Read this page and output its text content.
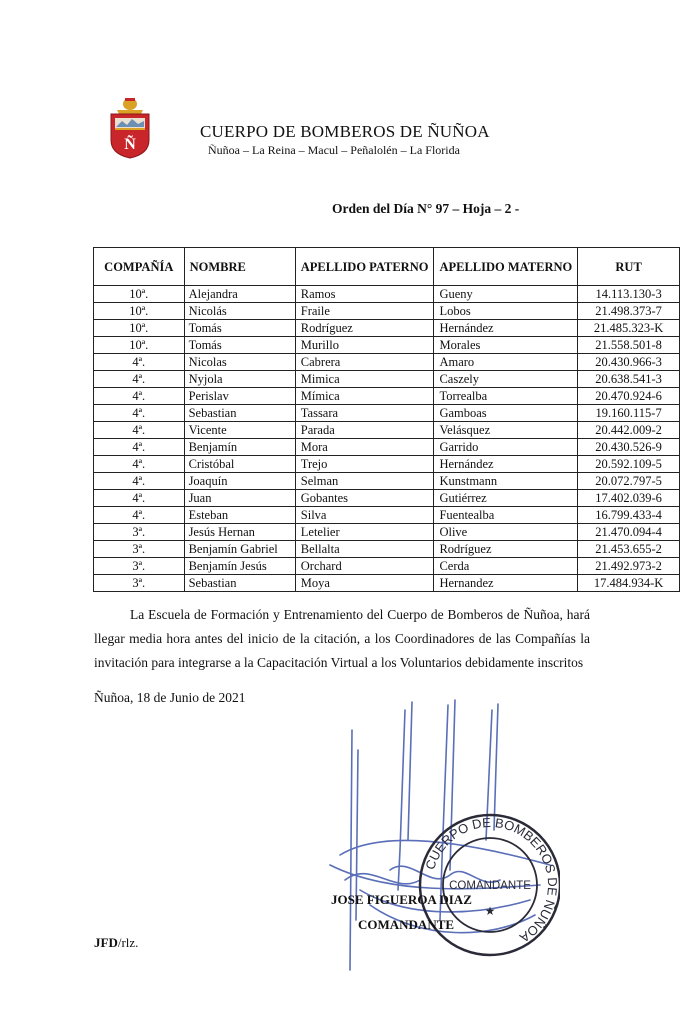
Ñ
CUERPO DE BOMBEROS DE ÑUÑOA
Ñuñoa – La Reina – Macul – Peñalolén – La Florida
Orden del Día N° 97 – Hoja – 2 -
COMPAÑÍA	NOMBRE	APELLIDO PATERNO	APELLIDO MATERNO	RUT
10ª.	Alejandra	Ramos	Gueny	14.113.130-3
10ª.	Nicolás	Fraile	Lobos	21.498.373-7
10ª.	Tomás	Rodríguez	Hernández	21.485.323-K
10ª.	Tomás	Murillo	Morales	21.558.501-8
4ª.	Nicolas	Cabrera	Amaro	20.430.966-3
4ª.	Nyjola	Mimica	Caszely	20.638.541-3
4ª.	Perislav	Mímica	Torrealba	20.470.924-6
4ª.	Sebastian	Tassara	Gamboas	19.160.115-7
4ª.	Vicente	Parada	Velásquez	20.442.009-2
4ª.	Benjamín	Mora	Garrido	20.430.526-9
4ª.	Cristóbal	Trejo	Hernández	20.592.109-5
4ª.	Joaquín	Selman	Kunstmann	20.072.797-5
4ª.	Juan	Gobantes	Gutiérrez	17.402.039-6
4ª.	Esteban	Silva	Fuentealba	16.799.433-4
3ª.	Jesús Hernan	Letelier	Olive	21.470.094-4
3ª.	Benjamín Gabriel	Bellalta	Rodríguez	21.453.655-2
3ª.	Benjamín Jesús	Orchard	Cerda	21.492.973-2
3ª.	Sebastian	Moya	Hernandez	17.484.934-K
La Escuela de Formación y Entrenamiento del Cuerpo de Bomberos de Ñuñoa, hará llegar media hora antes del inicio de la citación, a los Coordinadores de las Compañías la invitación para integrarse a la Capacitación Virtual a los Voluntarios debidamente inscritos
Ñuñoa, 18 de Junio de 2021
CUERPO DE BOMBEROS DE ÑUÑOA
COMANDANTE
★
JOSE FIGUEROA DIAZ
COMANDANTE
JFD/rlz.
